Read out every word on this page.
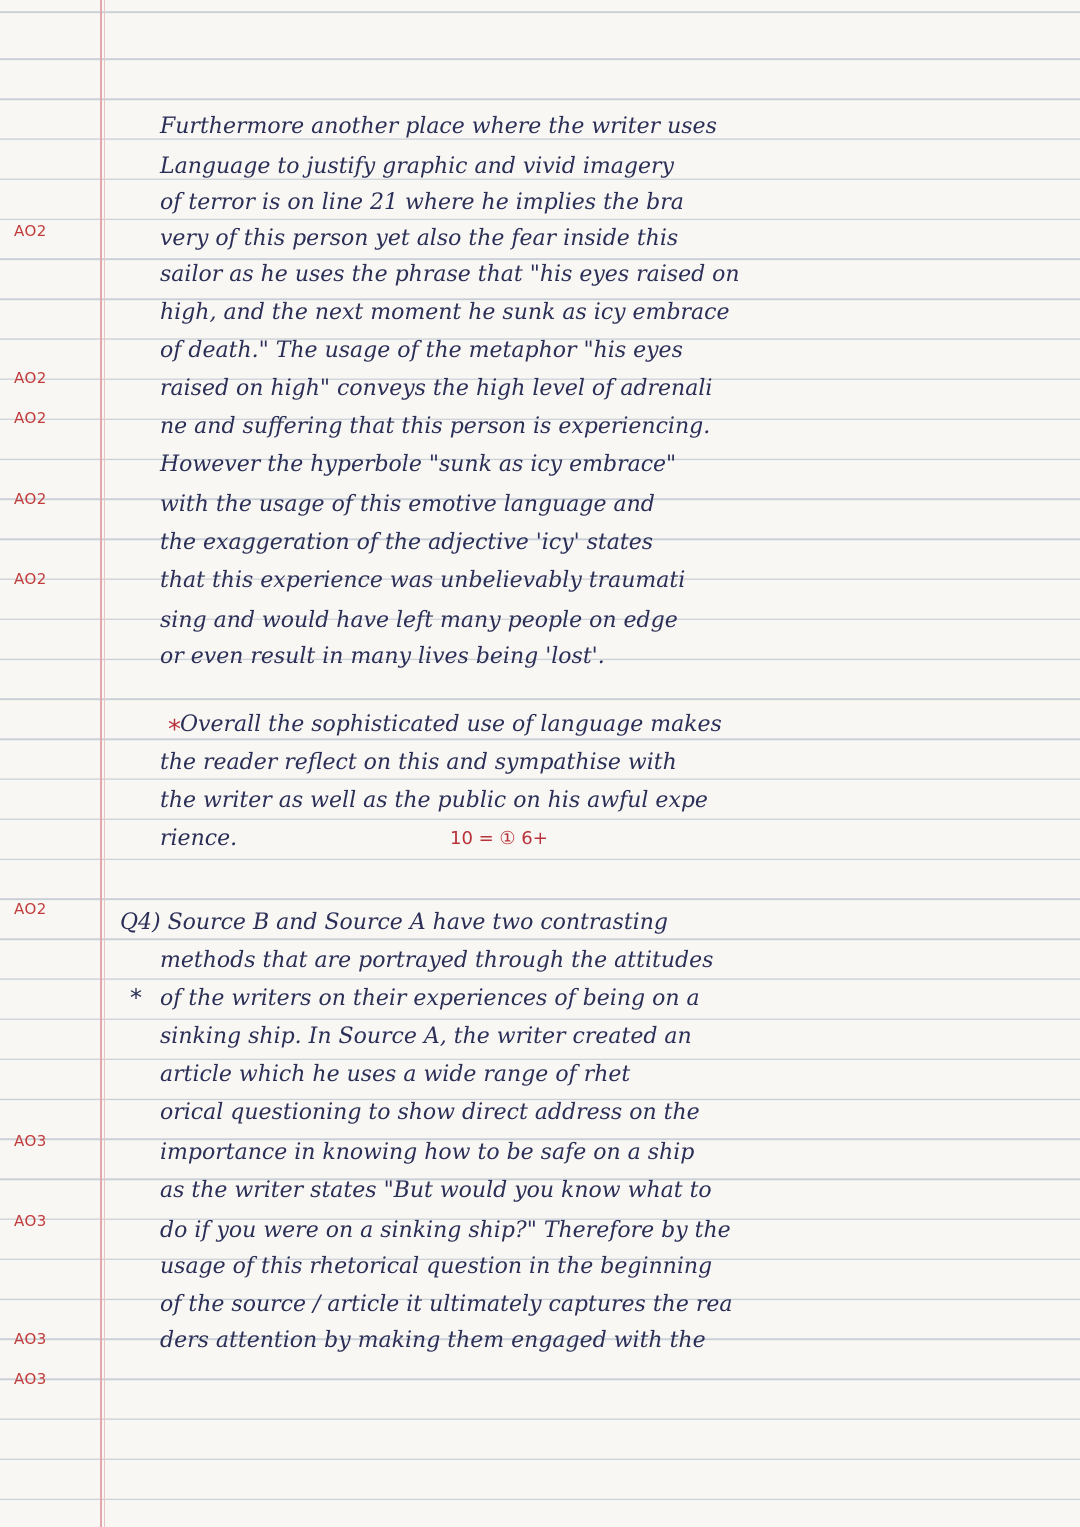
AO2
AO2
AO2
AO2
AO2
AO2
AO3
AO3
AO3
AO3
Furthermore another place where the writer uses
Language to justify graphic and vivid imagery
of terror is on line 21 where he implies the bra
very of this person yet also the fear inside this
sailor as he uses the phrase that "his eyes raised on
high, and the next moment he sunk as icy embrace
of death." The usage of the metaphor "his eyes
raised on high" conveys the high level of adrenali
ne and suffering that this person is experiencing.
However the hyperbole "sunk as icy embrace"
with the usage of this emotive language and
the exaggeration of the adjective 'icy' states
that this experience was unbelievably traumati
sing and would have left many people on edge
or even result in many lives being 'lost'.
* Overall the sophisticated use of language makes
the reader reflect on this and sympathise with
the writer as well as the public on his awful expe
rience.	10 = ① 6+
Q4) Source B and Source A have two contrasting
methods that are portrayed through the attitudes
* of the writers on their experiences of being on a
sinking ship. In Source A, the writer created an
article which he uses a wide range of rhet
orical questioning to show direct address on the
importance in knowing how to be safe on a ship
as the writer states "But would you know what to
do if you were on a sinking ship?" Therefore by the
usage of this rhetorical question in the beginning
of the source / article it ultimately captures the rea
ders attention by making them engaged with the
